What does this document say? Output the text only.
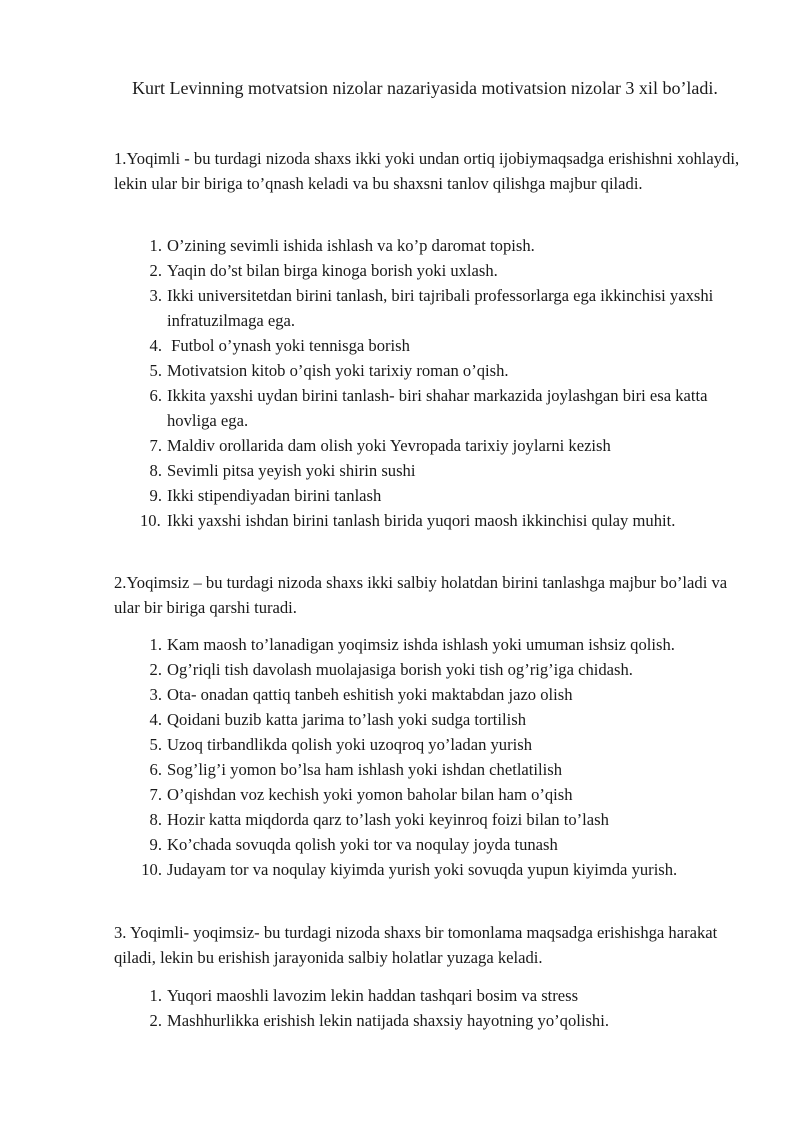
Kurt Levinning motvatsion nizolar nazariyasida motivatsion nizolar 3 xil bo’ladi.

1.Yoqimli - bu turdagi nizoda shaxs ikki yoki undan ortiq ijobiymaqsadga erishishni xohlaydi, lekin ular bir biriga to’qnash keladi va bu shaxsni tanlov qilishga majbur qiladi.

1. O’zining sevimli ishida ishlash va ko’p daromat topish.
2. Yaqin do’st bilan birga kinoga borish yoki uxlash.
3. Ikki universitetdan birini tanlash, biri tajribali professorlarga ega ikkinchisi yaxshi infratuzilmaga ega.
4. Futbol o’ynash yoki tennisga borish
5. Motivatsion kitob o’qish yoki tarixiy roman o’qish.
6. Ikkita yaxshi uydan birini tanlash- biri shahar markazida joylashgan biri esa katta hovliga ega.
7. Maldiv orollarida dam olish yoki Yevropada tarixiy joylarni kezish
8. Sevimli pitsa yeyish yoki shirin sushi
9. Ikki stipendiyadan birini tanlash
10. Ikki yaxshi ishdan birini tanlash birida yuqori maosh ikkinchisi qulay muhit.

2.Yoqimsiz – bu turdagi nizoda shaxs ikki salbiy holatdan birini tanlashga majbur bo’ladi va ular bir biriga qarshi turadi.

1. Kam maosh to’lanadigan yoqimsiz ishda ishlash yoki umuman ishsiz qolish.
2. Og’riqli tish davolash muolajasiga borish yoki tish og’rig’iga chidash.
3. Ota- onadan qattiq tanbeh eshitish yoki maktabdan jazo olish
4. Qoidani buzib katta jarima to’lash yoki sudga tortilish
5. Uzoq tirbandlikda qolish yoki uzoqroq yo’ladan yurish
6. Sog’lig’i yomon bo’lsa ham ishlash yoki ishdan chetlatilish
7. O’qishdan voz kechish yoki yomon baholar bilan ham o’qish
8. Hozir katta miqdorda qarz to’lash yoki keyinroq foizi bilan to’lash
9. Ko’chada sovuqda qolish yoki tor va noqulay joyda tunash
10. Judayam tor va noqulay kiyimda yurish yoki sovuqda yupun kiyimda yurish.

3. Yoqimli- yoqimsiz- bu turdagi nizoda shaxs bir tomonlama maqsadga erishishga harakat qiladi, lekin bu erishish jarayonida salbiy holatlar yuzaga keladi.

1. Yuqori maoshli lavozim lekin haddan tashqari bosim va stress
2. Mashhurlikka erishish lekin natijada shaxsiy hayotning yo’qolishi.
